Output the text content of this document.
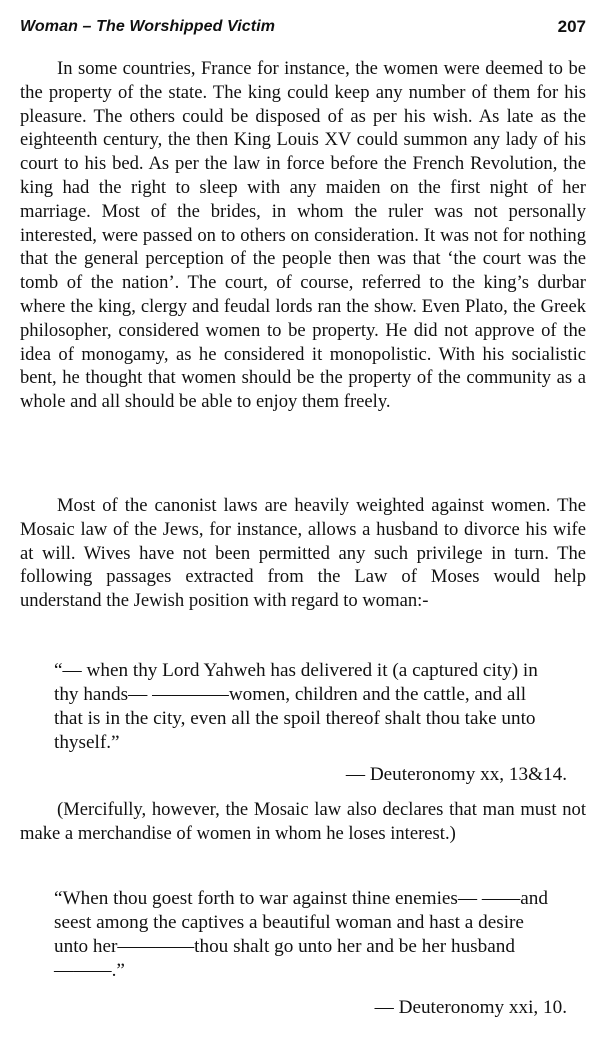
Woman – The Worshipped Victim	207

In some countries, France for instance, the women were deemed to be the property of the state. The king could keep any number of them for his pleasure. The others could be disposed of as per his wish. As late as the eighteenth century, the then King Louis XV could summon any lady of his court to his bed. As per the law in force before the French Revolution, the king had the right to sleep with any maiden on the first night of her marriage. Most of the brides, in whom the ruler was not personally interested, were passed on to others on consideration. It was not for nothing that the general perception of the people then was that ‘the court was the tomb of the nation’. The court, of course, referred to the king’s durbar where the king, clergy and feudal lords ran the show. Even Plato, the Greek philosopher, considered women to be property. He did not approve of the idea of monogamy, as he considered it monopolistic. With his socialistic bent, he thought that women should be the property of the community as a whole and all should be able to enjoy them freely.

Most of the canonist laws are heavily weighted against women. The Mosaic law of the Jews, for instance, allows a husband to divorce his wife at will. Wives have not been permitted any such privilege in turn. The following passages extracted from the Law of Moses would help understand the Jewish position with regard to woman:-

“— when thy Lord Yahweh has delivered it (a captured city) in thy hands— ————women, children and the cattle, and all that is in the city, even all the spoil thereof shalt thou take unto thyself.”

— Deuteronomy xx, 13&14.

(Mercifully, however, the Mosaic law also declares that man must not make a merchandise of women in whom he loses interest.)

“When thou goest forth to war against thine enemies— ——and seest among the captives a beautiful woman and hast a desire unto her————thou shalt go unto her and be her husband———.”

— Deuteronomy xxi, 10.
